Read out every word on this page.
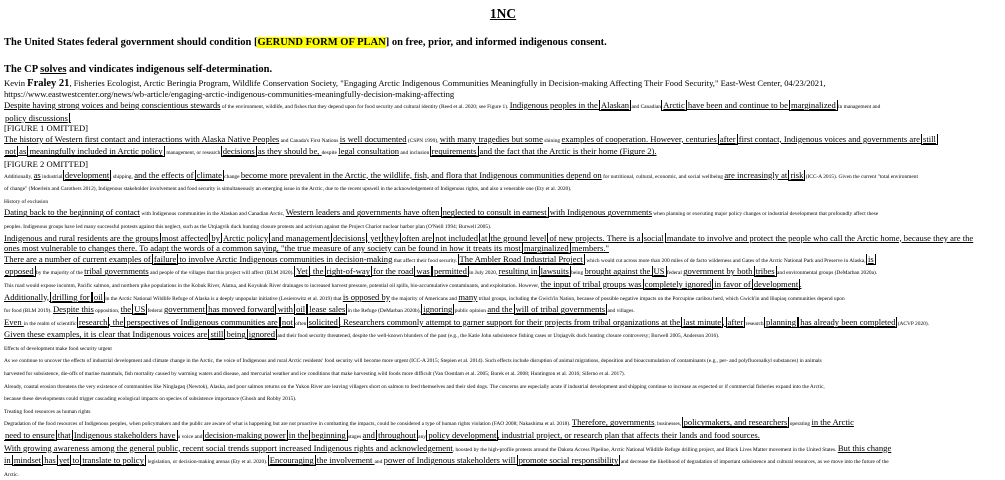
1NC
The United States federal government should condition [GERUND FORM OF PLAN] on free, prior, and informed indigenous consent.
The CP solves and vindicates indigenous self-determination.
Kevin Fraley 21, Fisheries Ecologist, Arctic Beringia Program, Wildlife Conservation Society, "Engaging Arctic Indigenous Communities Meaningfully in Decision-making Affecting Their Food Security," East-West Center, 04/23/2021,
https://www.eastwestcenter.org/news/wb-article/engaging-arctic-indigenous-communities-meaningfully-decision-making-affecting
Despite having strong voices and being conscientious stewards of the environment, wildlife, and fishes that they depend upon for food security and cultural identity (Reed et al. 2020; see Figure 1). Indigenous peoples in the Alaskan and Canadian Arctic have been and continue to be marginalized in management and
policy discussions.
[FIGURE 1 OMITTED]
The history of Western first contact and interactions with Alaska Native Peoples and Canada's First Nations is well documented (CSPN 1999), with many tragedies but some shining examples of cooperation. However, centuries after first contact, Indigenous voices and governments are still
not as meaningfully included in Arctic policy, management, or research decisions as they should be, despite legal consultation and inclusion requirements and the fact that the Arctic is their home (Figure 2).
[FIGURE 2 OMITTED]
Additionally, as industrial development, shipping, and the effects of climate change become more prevalent in the Arctic, the wildlife, fish, and flora that Indigenous communities depend on for nutritional, cultural, economic, and social wellbeing are increasingly at risk (ICC-A 2015). Given the current "total environment
of change" (Moerlein and Carothers 2012), Indigenous stakeholder involvement and food security is simultaneously an emerging issue in the Arctic, due to the recent upswell in the acknowledgement of Indigenous rights, and also a venerable one (Ety et al. 2020).
History of exclusion
Dating back to the beginning of contact with Indigenous communities in the Alaskan and Canadian Arctic, Western leaders and governments have often neglected to consult in earnest with Indigenous governments when planning or executing major policy changes or industrial development that profoundly affect these
peoples. Indigenous groups have led many successful protests against this neglect, such as the Utqiagvik duck hunting closure protests and activism against the Project Chariot nuclear harbor plan (O'Neill 1994; Burwell 2005).
Indigenous and rural residents are the groups most affected by Arctic policy and management decisions, yet they often are not included at the ground level of new projects. There is a social mandate to involve and protect the people who call the Arctic home, because they are the
ones most vulnerable to changes there. To adapt the words of a common saying, "the true measure of any society can be found in how it treats its most marginalized members."
There are a number of current examples of failure to involve Arctic Indigenous communities in decision-making that affect their food security. The Ambler Road Industrial Project, which would cut across more than 200 miles of de facto wilderness and Gates of the Arctic National Park and Preserve in Alaska, is
opposed by the majority of the tribal governments and people of the villages that this project will affect (BLM 2020). Yet, the right-of-way for the road was permitted in July 2020, resulting in lawsuits being brought against the US federal government by both tribes and environmental groups (DeMarban 2020a).
This road would expose incomm, Pacific salmon, and northern pike populations in the Kobuk River, Alatna, and Koyukuk River drainages to increased harvest pressure, potential oil spills, bio-accumulative contaminants, and exploitation. However, the input of tribal groups was completely ignored in favor of development.
Additionally, drilling for oil in the Arctic National Wildlife Refuge of Alaska is a deeply unpopular initiative (Lesierowitz et al. 2019) that is opposed by the majority of Americans and many tribal groups, including the Gwich'in Nation, because of possible negative impacts on the Porcupine caribou herd, which Gwich'in and Iñupiaq communities depend upon
for food (BLM 2019). Despite this opposition, the US federal government has moved forward with oil lease sales in the Refuge (DeMarban 2020b), ignoring public opinion and the will of tribal governments and villages.
Even in the realm of scientific research, the perspectives of Indigenous communities are not often solicited. Researchers commonly attempt to garner support for their projects from tribal organizations at the last minute, after research planning has already been completed (ACVP 2020).
Given these examples, it is clear that Indigenous voices are still being ignored and their food security threatened, despite the well-known blunders of the past (e.g., the Katie John subsistence fishing cases or Utqiagvik duck hunting closure controversy; Burwell 2005, Anderson 2016).
Effects of development make food security urgent
As we continue to uncover the effects of industrial development and climate change in the Arctic, the voice of Indigenous and rural Arctic residents' food security will become more urgent (ICC-A 2015; Stepien et al. 2014). Such effects include disruption of animal migrations, deposition and bioaccumulation of contaminants (e.g., per- and polyfluoroalkyl substances) in animals
harvested for subsistence, die-offs of marine mammals, fish mortality caused by warming waters and disease, and mercurial weather and ice conditions that make harvesting wild foods more difficult (Van Oostdam et al. 2005; Burek et al. 2008; Huntington et al. 2016; Siferno et al. 2017).
Already, coastal erosion threatens the very existence of communities like Ninglagaq (Newtok), Alaska, and poor salmon returns on the Yukon River are leaving villagers short on salmon to feed themselves and their sled dogs. The concerns are especially acute if industrial development and shipping continue to increase as expected or if commercial fisheries expand into the Arctic,
because these developments could trigger cascading ecological impacts on species of subsistence importance (Ghosh and Robby 2015).
Treating food resources as human rights
Degradation of the food resources of Indigenous peoples, when policymakers and the public are aware of what is happening but are not proactive in combatting the impacts, could be considered a type of human rights violation (FAO 2008; Nakashima et al. 2018). Therefore, governments, businesses, policymakers, and researchers operating in the Arctic
need to ensure that Indigenous stakeholders have a voice and decision-making power in the beginning stages and throughout any policy development, industrial project, or research plan that affects their lands and food sources.
With growing awareness among the general public, recent social trends support increased Indigenous rights and acknowledgement, boosted by the high-profile protests around the Dakota Access Pipeline, Arctic National Wildlife Refuge drilling project, and Black Lives Matter movement in the United States. But this change
in mindset has yet to translate to policy, legislation, or decision-making arenas (Ety et al. 2020). Encouraging the involvement and power of Indigenous stakeholders will promote social responsibility and decrease the likelihood of degradation of important subsistence and cultural resources, as we move into the future of the
Arctic.
